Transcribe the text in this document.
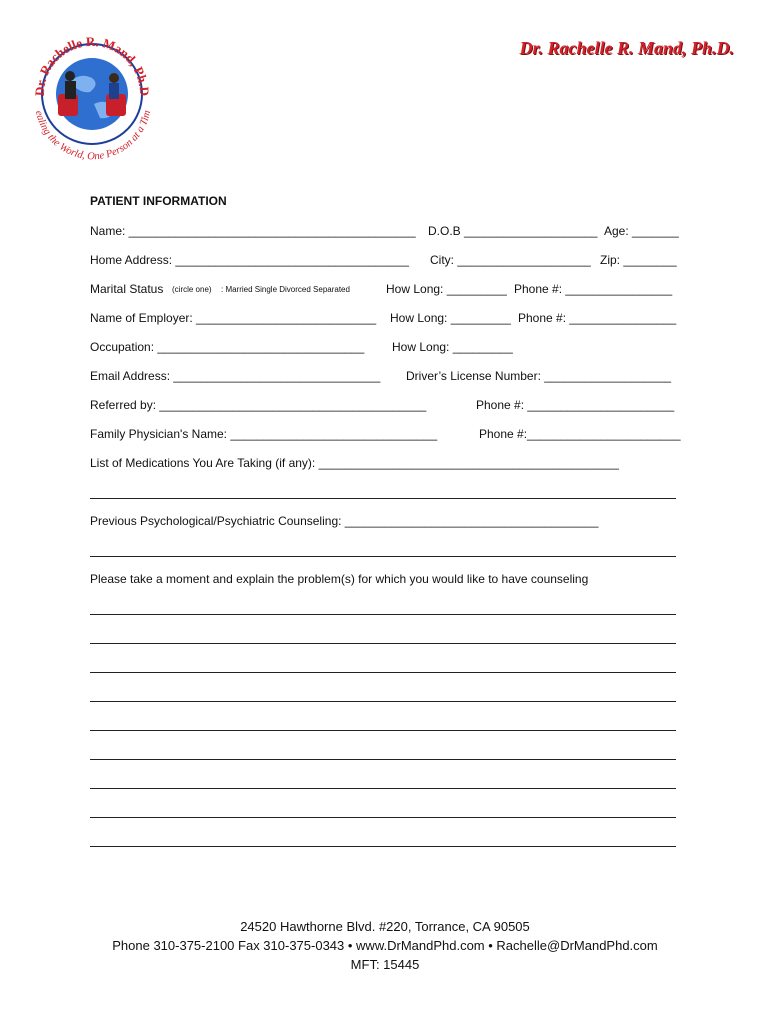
Dr. Rachelle R. Mand, Ph.D
ealing the World, One Person at a Tim
Dr. Rachelle R. Mand, Ph.D.
PATIENT INFORMATION
Name: ___________________________________________ D.O.B ____________________ Age: _______
Home Address: ___________________________________ City: ____________________ Zip: ________
Marital Status (circle one) : Married Single Divorced Separated	How Long: _________ Phone #: ________________
Name of Employer: ___________________________ How Long: _________ Phone #: ________________
Occupation: _______________________________ How Long: _________
Email Address: _______________________________ Driver’s License Number: ___________________
Referred by: ________________________________________	Phone #: ______________________
Family Physician's Name: _______________________________	Phone #:_______________________
List of Medications You Are Taking (if any): _____________________________________________
Previous Psychological/Psychiatric Counseling: ______________________________________
Please take a moment and explain the problem(s) for which you would like to have counseling
24520 Hawthorne Blvd. #220, Torrance, CA 90505
Phone 310-375-2100 Fax 310-375-0343 • www.DrMandPhd.com • Rachelle@DrMandPhd.com
MFT: 15445
